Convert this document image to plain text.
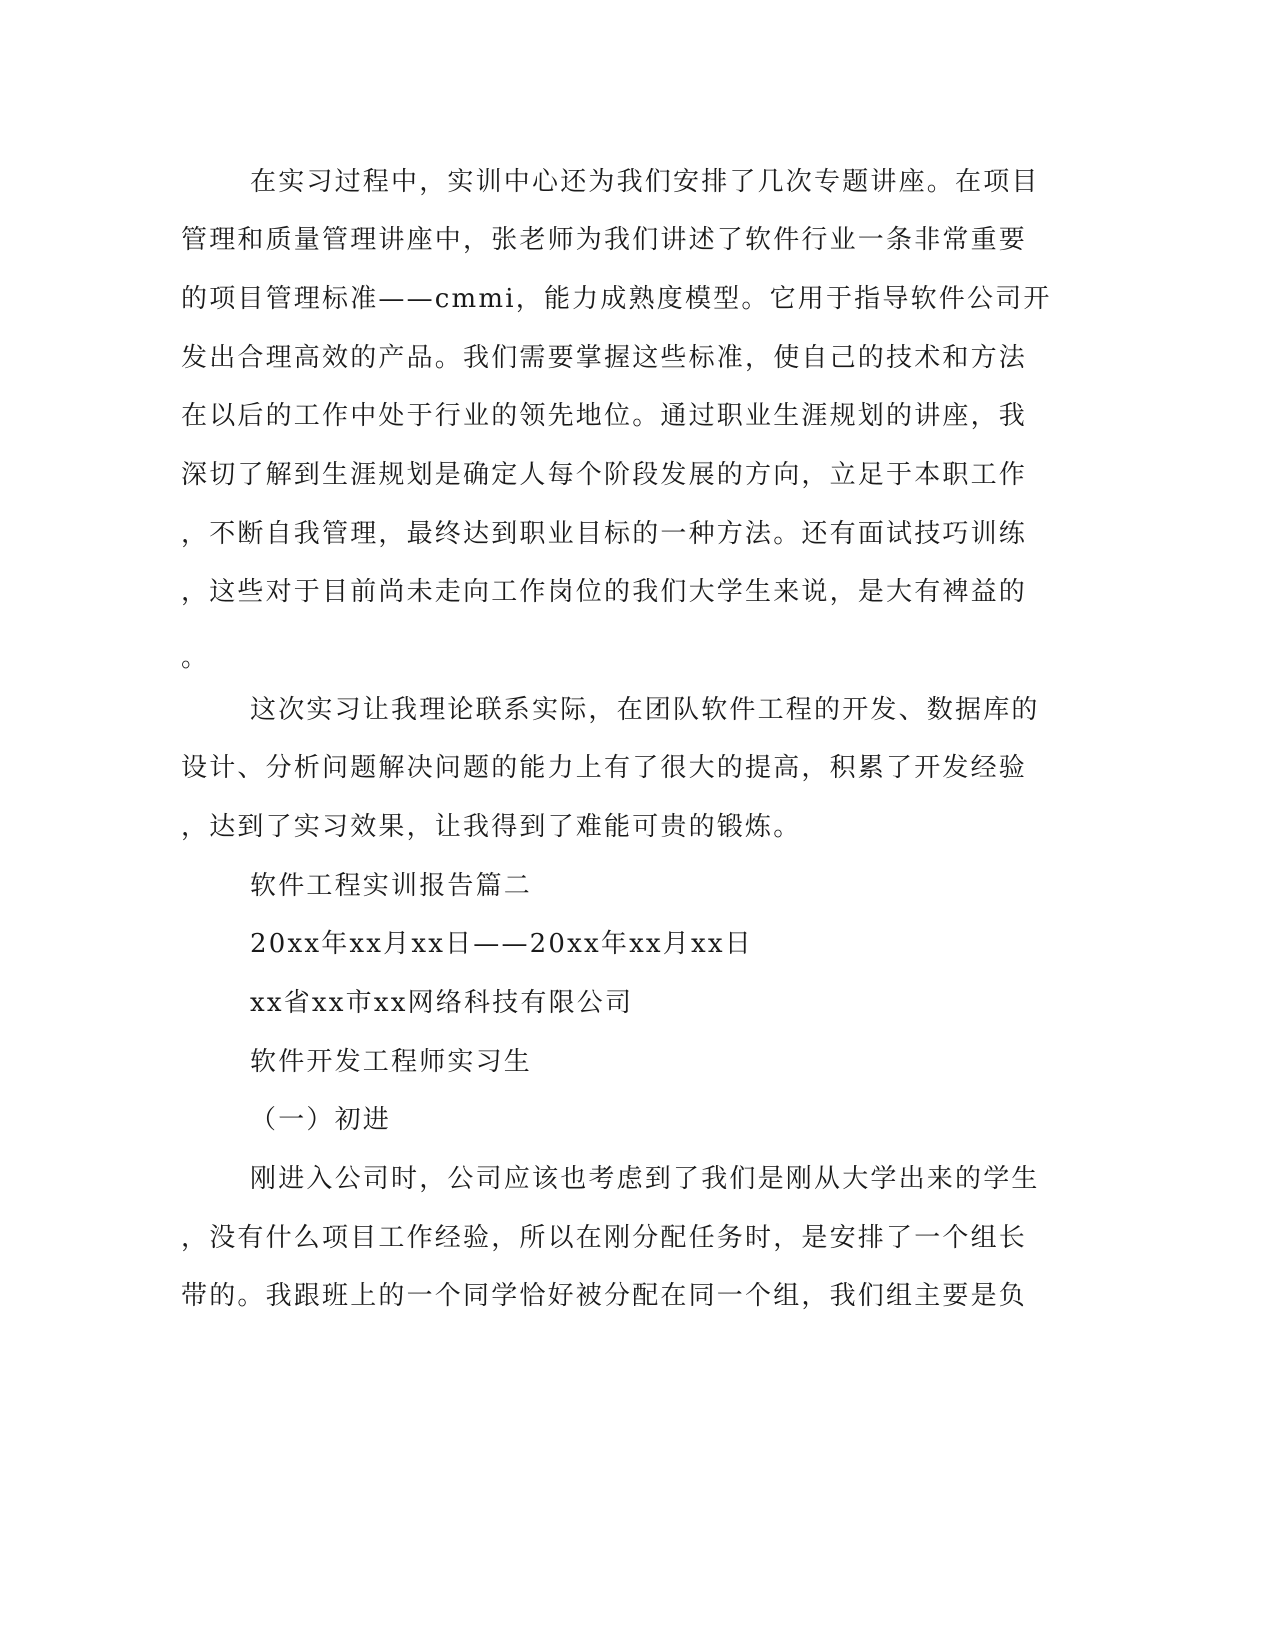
在实习过程中，实训中心还为我们安排了几次专题讲座。在项目
管理和质量管理讲座中，张老师为我们讲述了软件行业一条非常重要
的项目管理标准——cmmi，能力成熟度模型。它用于指导软件公司开
发出合理高效的产品。我们需要掌握这些标准，使自己的技术和方法
在以后的工作中处于行业的领先地位。通过职业生涯规划的讲座，我
深切了解到生涯规划是确定人每个阶段发展的方向，立足于本职工作
，不断自我管理，最终达到职业目标的一种方法。还有面试技巧训练
，这些对于目前尚未走向工作岗位的我们大学生来说，是大有裨益的
。
这次实习让我理论联系实际，在团队软件工程的开发、数据库的
设计、分析问题解决问题的能力上有了很大的提高，积累了开发经验
，达到了实习效果，让我得到了难能可贵的锻炼。
软件工程实训报告篇二
20xx年xx月xx日——20xx年xx月xx日
xx省xx市xx网络科技有限公司
软件开发工程师实习生
（一）初进
刚进入公司时，公司应该也考虑到了我们是刚从大学出来的学生
，没有什么项目工作经验，所以在刚分配任务时，是安排了一个组长
带的。我跟班上的一个同学恰好被分配在同一个组，我们组主要是负
